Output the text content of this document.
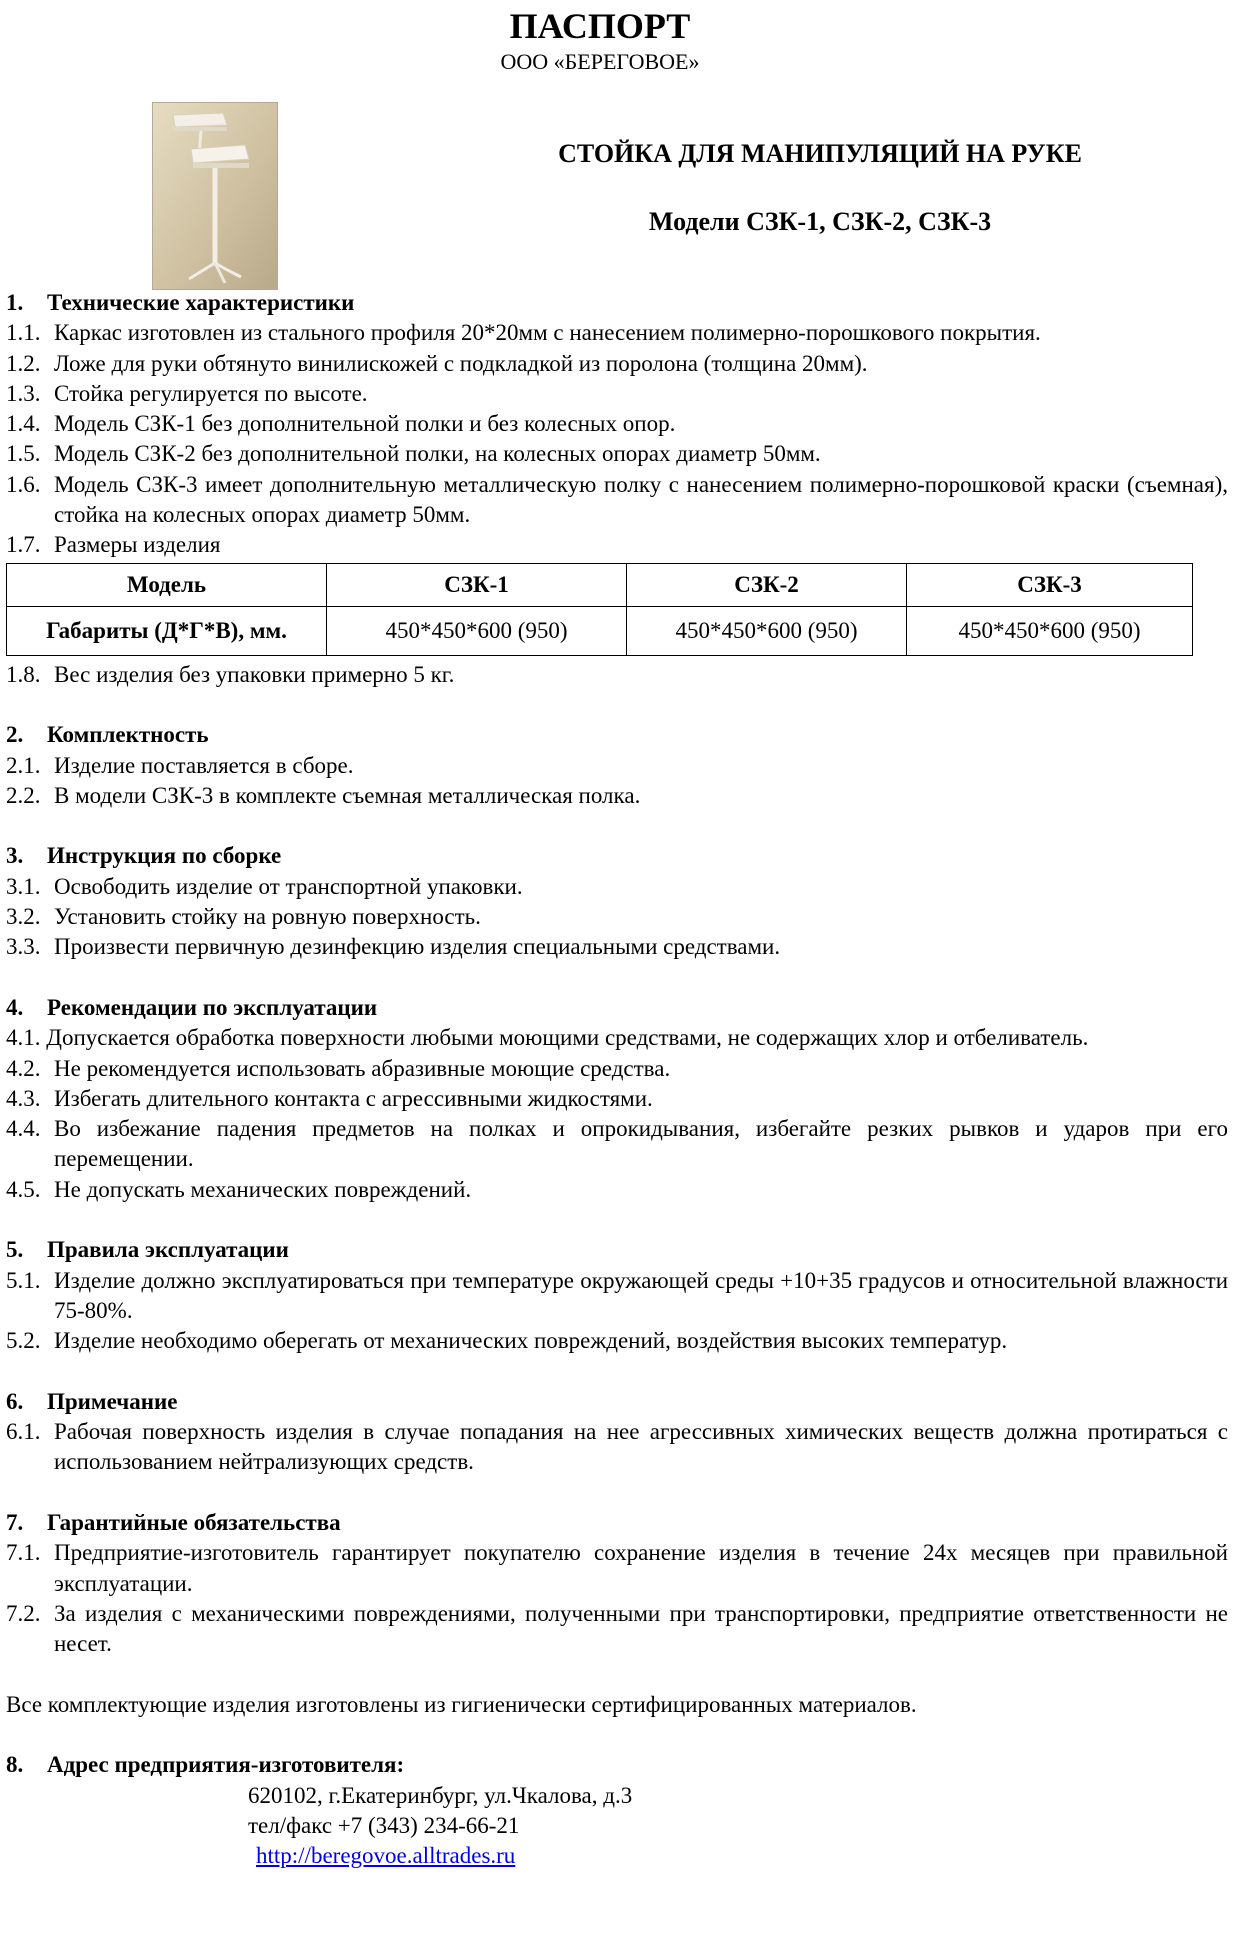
ПАСПОРТ
ООО «БЕРЕГОВОЕ»
СТОЙКА ДЛЯ МАНИПУЛЯЦИЙ НА РУКЕ
Модели СЗК-1, СЗК-2, СЗК-3
1. Технические характеристики
1.1. Каркас изготовлен из стального профиля 20*20мм с нанесением полимерно-порошкового покрытия.
1.2. Ложе для руки обтянуто винилискожей с подкладкой из поролона (толщина 20мм).
1.3. Стойка регулируется по высоте.
1.4. Модель СЗК-1 без дополнительной полки и без колесных опор.
1.5. Модель СЗК-2 без дополнительной полки, на колесных опорах диаметр 50мм.
1.6. Модель СЗК-3 имеет дополнительную металлическую полку с нанесением полимерно-порошковой краски (съемная), стойка на колесных опорах диаметр 50мм.
1.7. Размеры изделия
Модель	СЗК-1	СЗК-2	СЗК-3
Габариты (Д*Г*В), мм.	450*450*600 (950)	450*450*600 (950)	450*450*600 (950)
1.8. Вес изделия без упаковки примерно 5 кг.
2. Комплектность
2.1. Изделие поставляется в сборе.
2.2. В модели СЗК-3 в комплекте съемная металлическая полка.
3. Инструкция по сборке
3.1. Освободить изделие от транспортной упаковки.
3.2. Установить стойку на ровную поверхность.
3.3. Произвести первичную дезинфекцию изделия специальными средствами.
4. Рекомендации по эксплуатации
4.1. Допускается обработка поверхности любыми моющими средствами, не содержащих хлор и отбеливатель.
4.2. Не рекомендуется использовать абразивные моющие средства.
4.3. Избегать длительного контакта с агрессивными жидкостями.
4.4. Во избежание падения предметов на полках и опрокидывания, избегайте резких рывков и ударов при его перемещении.
4.5. Не допускать механических повреждений.
5. Правила эксплуатации
5.1. Изделие должно эксплуатироваться при температуре окружающей среды +10+35 градусов и относительной влажности 75-80%.
5.2. Изделие необходимо оберегать от механических повреждений, воздействия высоких температур.
6. Примечание
6.1. Рабочая поверхность изделия в случае попадания на нее агрессивных химических веществ должна протираться с использованием нейтрализующих средств.
7. Гарантийные обязательства
7.1. Предприятие-изготовитель гарантирует покупателю сохранение изделия в течение 24х месяцев при правильной эксплуатации.
7.2. За изделия с механическими повреждениями, полученными при транспортировки, предприятие ответственности не несет.
Все комплектующие изделия изготовлены из гигиенически сертифицированных материалов.
8. Адрес предприятия-изготовителя:
620102, г.Екатеринбург, ул.Чкалова, д.3
тел/факс +7 (343) 234-66-21
http://beregovoe.alltrades.ru
